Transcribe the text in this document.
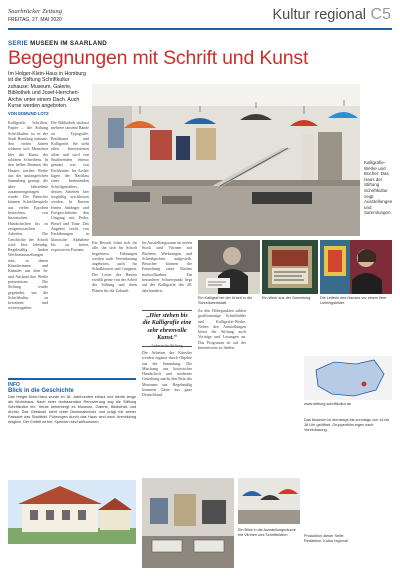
Saarbrücker Zeitung
FREITAG, 27. MAI 2020	Kultur regional C5
SERIE MUSEEN IM SAARLAND
Begegnungen mit Schrift und Kunst
Im Holger-Klein-Haus in Homburg ist die Stiftung Schriftkultur zuhause: Museum, Galerie, Bibliothek und Josef-Herrchen-Archiv unter einem Dach. Auch Kurse werden angeboten.
VON EDMUND LOTZ
Kalligrafie, Schriften, Papier – die Stiftung Schriftkultur ist in der Stadt Homburg zuhause. Seit vielen Jahren widmen sich Menschen hier der Kunst des schönen Schreibens. In den hellen Räumen des Hauses werden Werke aus der umfangreichen Sammlung gezeigt, die über Jahrzehnte zusammengetragen wurde. Die Besucher können Schriftbeispiele aus vielen Epochen betrachten, von historischen Handschriften bis zu zeitgenössischen Arbeiten. Die Geschichte der Schrift wird hier lebendig. Regelmäßig finden Wechselausstellungen statt, in denen Künstlerinnen und Künstler aus dem In- und Ausland ihre Werke präsentieren. Die Stiftung wurde gegründet, um die Schriftkultur zu bewahren und weiterzugeben.
Die Bibliothek umfasst mehrere tausend Bände zu Typografie, Buchkunst und Kalligrafie. Sie steht allen Interessierten offen und wird von Studierenden ebenso genutzt wie von Fachleuten. Im Archiv lagert der Nachlass eines bedeutenden Schriftgestalters, dessen Arbeiten hier sorgfältig erschlossen werden. In Kursen lernen Anfänger und Fortgeschrittene den Umgang mit Feder, Pinsel und Tinte. Das Angebot reicht von Einführungen in klassische Alphabete bis zu freien, expressiven Formen.
Kalligrafie-Werke und Bücher: Das Haus der Stiftung Schriftkultur zeigt Ausstellungen und Sammlungen.
Ein Besuch lohnt sich für alle, die sich für Schrift begeistern. Führungen werden nach Vereinbarung angeboten, auch für Schulklassen und Gruppen. Der Leiter des Hauses erzählt gerne von der Arbeit der Stiftung und ihren Plänen für die Zukunft.
Im Ausstellungsraum im ersten Stock sind Vitrinen mit Büchern, Werkzeugen und Schreibproben aufgestellt. Besucher können die Entstehung eines Buches nachvollziehen. Ein besonderer Schwerpunkt liegt auf der Kalligrafie des 20. Jahrhunderts.
„Hier stehen bis die Kalligrafie eine sehr ehrenvolle Kunst.“
Die Arbeiten der Künstler werden ergänzt durch Objekte aus der Sammlung. Die Mischung aus historischer Handschrift und moderner Gestaltung macht den Reiz des Museums aus. Regelmäßig kommen Gäste aus ganz Deutschland.
Ein Kalligraf bei der Arbeit in der Schreibwerkstatt.
Ein Werk aus der Sammlung.	Die Leiterin des Hauses vor einem ihrer Lieblingsbilder.
Zu den Höhepunkten zählen großformatige Schriftbilder und Kalligrafie-Werke. Neben den Ausstellungen bietet die Stiftung auch Vorträge und Lesungen an. Das Programm ist auf der Internetseite zu finden.
www.stiftung-schriftkultur.de
Das Museum ist dienstags bis sonntags von 14 bis 18 Uhr geöffnet. Gruppenführungen nach Vereinbarung.
INFO
Blick in die Geschichte
Das Holger-Klein-Haus wurde im 18. Jahrhundert erbaut und diente lange als Wohnhaus. Nach einer umfassenden Renovierung zog die Stiftung Schriftkultur ein. Heute beherbergt es Museum, Galerie, Bibliothek und Archiv. Das Gebäude steht unter Denkmalschutz und prägt mit seiner Fassade das Stadtbild. Führungen durch das Haus sind nach Anmeldung möglich. Der Eintritt ist frei, Spenden sind willkommen.
Ein Blick in die Ausstellungsräume mit Vitrinen und Schriftbildern.	Produktion dieser Seite:
Redaktion: Kultur regional
